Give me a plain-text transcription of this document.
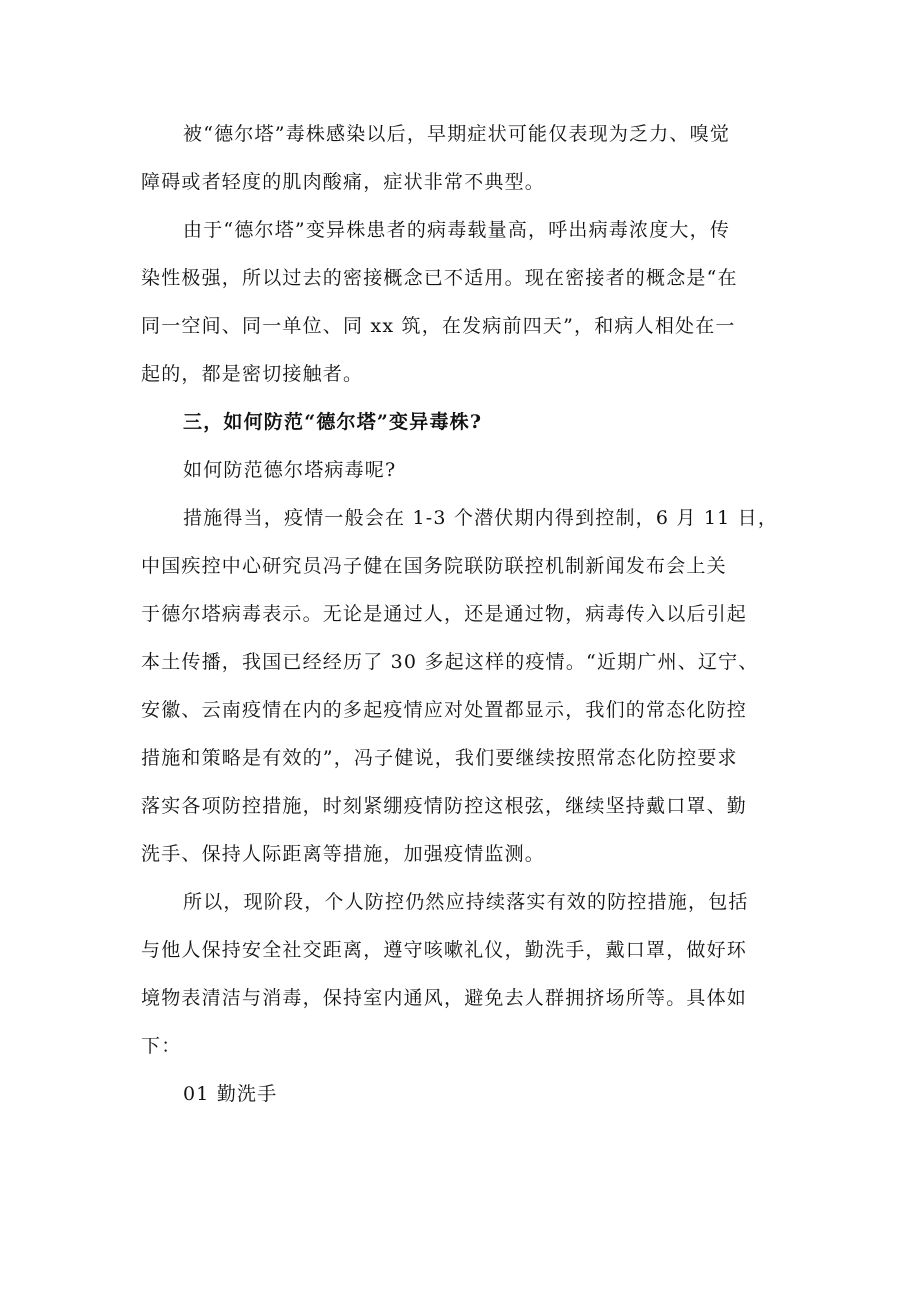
被“德尔塔”毒株感染以后，早期症状可能仅表现为乏力、嗅觉
障碍或者轻度的肌肉酸痛，症状非常不典型。
由于“德尔塔”变异株患者的病毒载量高，呼出病毒浓度大，传
染性极强，所以过去的密接概念已不适用。现在密接者的概念是“在
同一空间、同一单位、同 xx 筑，在发病前四天”，和病人相处在一
起的，都是密切接触者。
三，如何防范“德尔塔”变异毒株?
如何防范德尔塔病毒呢?
措施得当，疫情一般会在 1-3 个潜伏期内得到控制，6 月 11 日，
中国疾控中心研究员冯子健在国务院联防联控机制新闻发布会上关
于德尔塔病毒表示。无论是通过人，还是通过物，病毒传入以后引起
本土传播，我国已经经历了 30 多起这样的疫情。“近期广州、辽宁、
安徽、云南疫情在内的多起疫情应对处置都显示，我们的常态化防控
措施和策略是有效的”，冯子健说，我们要继续按照常态化防控要求
落实各项防控措施，时刻紧绷疫情防控这根弦，继续坚持戴口罩、勤
洗手、保持人际距离等措施，加强疫情监测。
所以，现阶段，个人防控仍然应持续落实有效的防控措施，包括
与他人保持安全社交距离，遵守咳嗽礼仪，勤洗手，戴口罩，做好环
境物表清洁与消毒，保持室内通风，避免去人群拥挤场所等。具体如
下：
01 勤洗手
